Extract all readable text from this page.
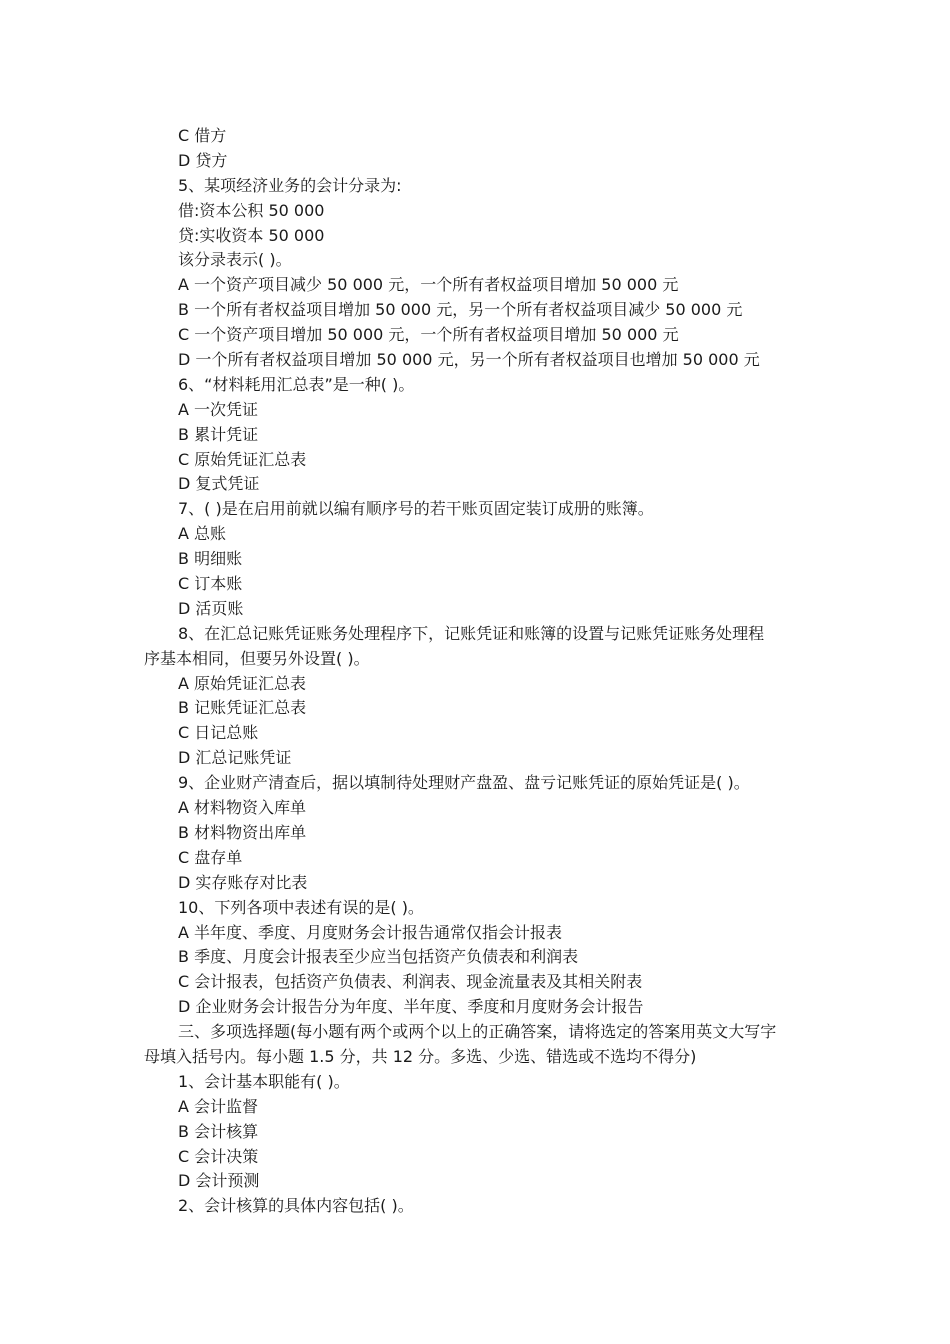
C 借方
D 贷方
5、某项经济业务的会计分录为:
借:资本公积 50 000
贷:实收资本 50 000
该分录表示( )。
A 一个资产项目减少 50 000 元，一个所有者权益项目增加 50 000 元
B 一个所有者权益项目增加 50 000 元，另一个所有者权益项目减少 50 000 元
C 一个资产项目增加 50 000 元，一个所有者权益项目增加 50 000 元
D 一个所有者权益项目增加 50 000 元，另一个所有者权益项目也增加 50 000 元
6、“材料耗用汇总表”是一种( )。
A 一次凭证
B 累计凭证
C 原始凭证汇总表
D 复式凭证
7、( )是在启用前就以编有顺序号的若干账页固定装订成册的账簿。
A 总账
B 明细账
C 订本账
D 活页账
8、在汇总记账凭证账务处理程序下，记账凭证和账簿的设置与记账凭证账务处理程
序基本相同，但要另外设置( )。
A 原始凭证汇总表
B 记账凭证汇总表
C 日记总账
D 汇总记账凭证
9、企业财产清查后，据以填制待处理财产盘盈、盘亏记账凭证的原始凭证是( )。
A 材料物资入库单
B 材料物资出库单
C 盘存单
D 实存账存对比表
10、下列各项中表述有误的是( )。
A 半年度、季度、月度财务会计报告通常仅指会计报表
B 季度、月度会计报表至少应当包括资产负债表和利润表
C 会计报表，包括资产负债表、利润表、现金流量表及其相关附表
D 企业财务会计报告分为年度、半年度、季度和月度财务会计报告
三、多项选择题(每小题有两个或两个以上的正确答案，请将选定的答案用英文大写字
母填入括号内。每小题 1.5 分，共 12 分。多选、少选、错选或不选均不得分)
1、会计基本职能有( )。
A 会计监督
B 会计核算
C 会计决策
D 会计预测
2、会计核算的具体内容包括( )。
